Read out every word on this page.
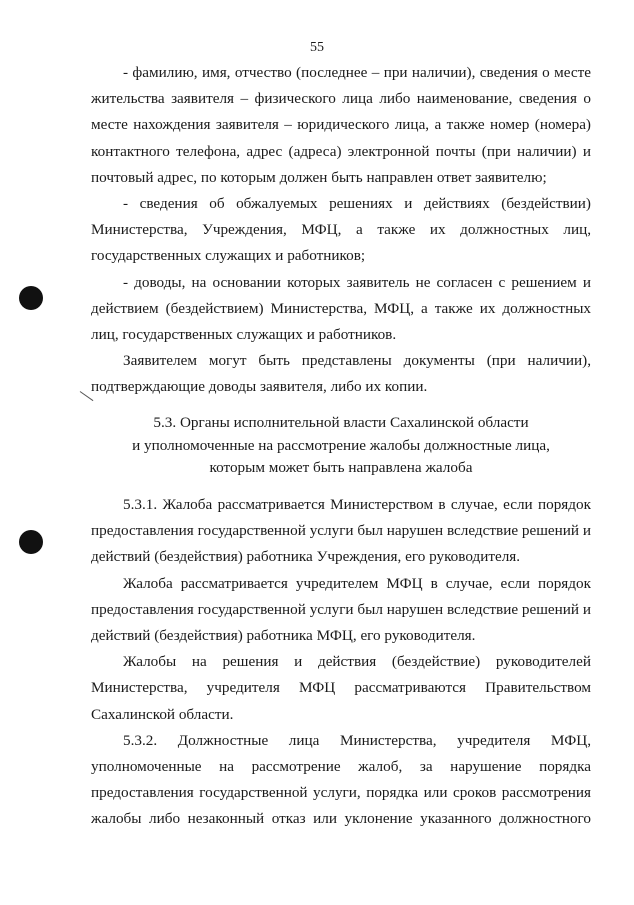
55
- фамилию, имя, отчество (последнее – при наличии), сведения о месте
жительства заявителя – физического лица либо наименование, сведения о
месте нахождения заявителя – юридического лица, а также номер (номера)
контактного телефона, адрес (адреса) электронной почты (при наличии) и
почтовый адрес, по которым должен быть направлен ответ заявителю;
- сведения об обжалуемых решениях и действиях (бездействии)
Министерства, Учреждения, МФЦ, а также их должностных лиц,
государственных служащих и работников;
- доводы, на основании которых заявитель не согласен с решением и
действием (бездействием) Министерства, МФЦ, а также их должностных
лиц, государственных служащих и работников.
Заявителем могут быть представлены документы (при наличии),
подтверждающие доводы заявителя, либо их копии.
5.3. Органы исполнительной власти Сахалинской области
и уполномоченные на рассмотрение жалобы должностные лица,
которым может быть направлена жалоба
5.3.1. Жалоба рассматривается Министерством в случае, если порядок
предоставления государственной услуги был нарушен вследствие решений и
действий (бездействия) работника Учреждения, его руководителя.
Жалоба рассматривается учредителем МФЦ в случае, если порядок
предоставления государственной услуги был нарушен вследствие решений и
действий (бездействия) работника МФЦ, его руководителя.
Жалобы на решения и действия (бездействие) руководителей
Министерства, учредителя МФЦ рассматриваются Правительством
Сахалинской области.
5.3.2. Должностные лица Министерства, учредителя МФЦ,
уполномоченные на рассмотрение жалоб, за нарушение порядка
предоставления государственной услуги, порядка или сроков рассмотрения
жалобы либо незаконный отказ или уклонение указанного должностного
